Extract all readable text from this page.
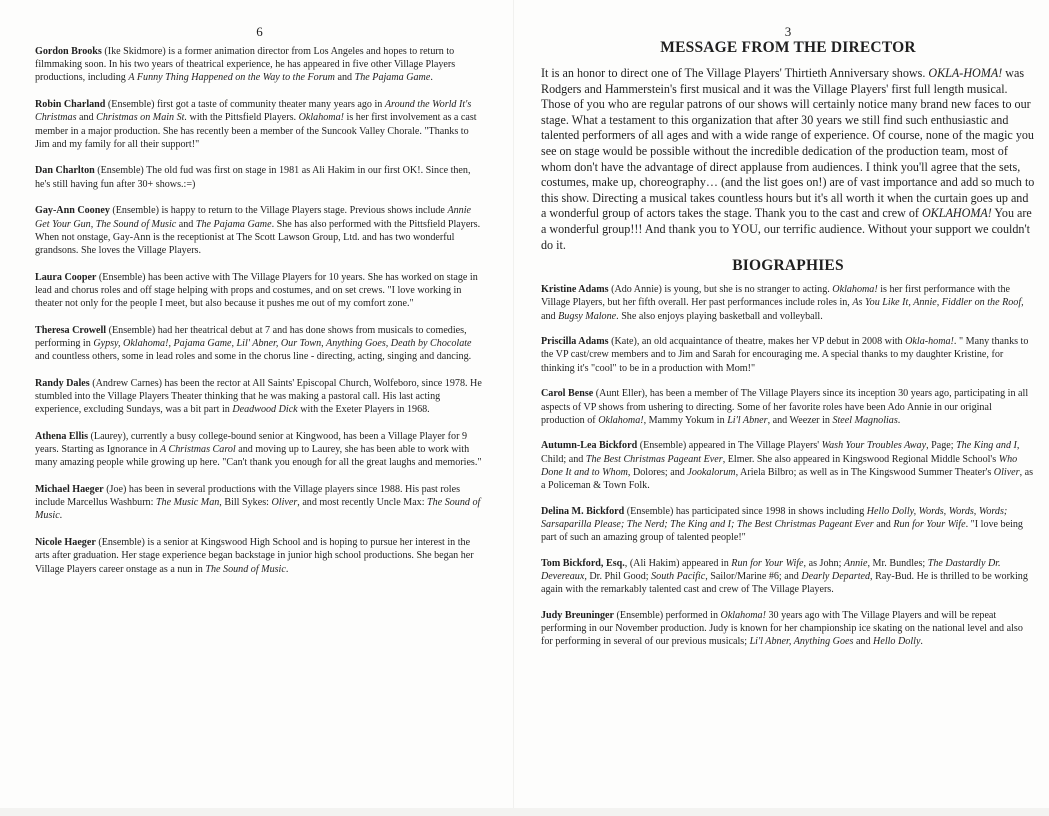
6

Gordon Brooks (Ike Skidmore) is a former animation director from Los Angeles and hopes to return to filmmaking soon. In his two years of theatrical experience, he has appeared in five other Village Players productions, including A Funny Thing Happened on the Way to the Forum and The Pajama Game.

Robin Charland (Ensemble) first got a taste of community theater many years ago in Around the World It's Christmas and Christmas on Main St. with the Pittsfield Players. Oklahoma! is her first involvement as a cast member in a major production. She has recently been a member of the Suncook Valley Chorale. "Thanks to Jim and my family for all their support!"

Dan Charlton (Ensemble) The old fud was first on stage in 1981 as Ali Hakim in our first OK!. Since then, he's still having fun after 30+ shows.:=)

Gay-Ann Cooney (Ensemble) is happy to return to the Village Players stage. Previous shows include Annie Get Your Gun, The Sound of Music and The Pajama Game. She has also performed with the Pittsfield Players. When not onstage, Gay-Ann is the receptionist at The Scott Lawson Group, Ltd. and has two wonderful grandsons. She loves the Village Players.

Laura Cooper (Ensemble) has been active with The Village Players for 10 years. She has worked on stage in lead and chorus roles and off stage helping with props and costumes, and on set crews. "I love working in theater not only for the people I meet, but also because it pushes me out of my comfort zone."

Theresa Crowell (Ensemble) had her theatrical debut at 7 and has done shows from musicals to comedies, performing in Gypsy, Oklahoma!, Pajama Game, Lil' Abner, Our Town, Anything Goes, Death by Chocolate and countless others, some in lead roles and some in the chorus line - directing, acting, singing and dancing.

Randy Dales (Andrew Carnes) has been the rector at All Saints' Episcopal Church, Wolfeboro, since 1978. He stumbled into the Village Players Theater thinking that he was making a pastoral call. His last acting experience, excluding Sundays, was a bit part in Deadwood Dick with the Exeter Players in 1968.

Athena Ellis (Laurey), currently a busy college-bound senior at Kingwood, has been a Village Player for 9 years. Starting as Ignorance in A Christmas Carol and moving up to Laurey, she has been able to work with many amazing people while growing up here. "Can't thank you enough for all the great laughs and memories."

Michael Haeger (Joe) has been in several productions with the Village players since 1988. His past roles include Marcellus Washburn: The Music Man, Bill Sykes: Oliver, and most recently Uncle Max: The Sound of Music.

Nicole Haeger (Ensemble) is a senior at Kingswood High School and is hoping to pursue her interest in the arts after graduation. Her stage experience began backstage in junior high school productions. She began her Village Players career onstage as a nun in The Sound of Music.

3
MESSAGE FROM THE DIRECTOR

It is an honor to direct one of The Village Players' Thirtieth Anniversary shows. OKLA-HOMA! was Rodgers and Hammerstein's first musical and it was the Village Players' first full length musical. Those of you who are regular patrons of our shows will certainly notice many brand new faces to our stage. What a testament to this organization that after 30 years we still find such enthusiastic and talented performers of all ages and with a wide range of experience. Of course, none of the magic you see on stage would be possible without the incredible dedication of the production team, most of whom don't have the advantage of direct applause from audiences. I think you'll agree that the sets, costumes, make up, choreography… (and the list goes on!) are of vast importance and add so much to this show. Directing a musical takes countless hours but it's all worth it when the curtain goes up and a wonderful group of actors takes the stage. Thank you to the cast and crew of OKLAHOMA! You are a wonderful group!!! And thank you to YOU, our terrific audience. Without your support we couldn't do it.

BIOGRAPHIES

Kristine Adams (Ado Annie) is young, but she is no stranger to acting. Oklahoma! is her first performance with the Village Players, but her fifth overall. Her past performances include roles in, As You Like It, Annie, Fiddler on the Roof, and Bugsy Malone. She also enjoys playing basketball and volleyball.

Priscilla Adams (Kate), an old acquaintance of theatre, makes her VP debut in 2008 with Okla-homa!. " Many thanks to the VP cast/crew members and to Jim and Sarah for encouraging me. A special thanks to my daughter Kristine, for thinking it's "cool" to be in a production with Mom!"

Carol Bense (Aunt Eller), has been a member of The Village Players since its inception 30 years ago, participating in all aspects of VP shows from ushering to directing. Some of her favorite roles have been Ado Annie in our original production of Oklahoma!, Mammy Yokum in Li'l Abner, and Weezer in Steel Magnolias.

Autumn-Lea Bickford (Ensemble) appeared in The Village Players' Wash Your Troubles Away, Page; The King and I, Child; and The Best Christmas Pageant Ever, Elmer. She also appeared in Kingswood Regional Middle School's Who Done It and to Whom, Dolores; and Jookalorum, Ariela Bilbro; as well as in The Kingswood Summer Theater's Oliver, as a Policeman & Town Folk.

Delina M. Bickford (Ensemble) has participated since 1998 in shows including Hello Dolly, Words, Words, Words; Sarsaparilla Please; The Nerd; The King and I; The Best Christmas Pageant Ever and Run for Your Wife. "I love being part of such an amazing group of talented people!"

Tom Bickford, Esq., (Ali Hakim) appeared in Run for Your Wife, as John; Annie, Mr. Bundles; The Dastardly Dr. Devereaux, Dr. Phil Good; South Pacific, Sailor/Marine #6; and Dearly Departed, Ray-Bud. He is thrilled to be working again with the remarkably talented cast and crew of The Village Players.

Judy Breuninger (Ensemble) performed in Oklahoma! 30 years ago with The Village Players and will be repeat performing in our November production. Judy is known for her championship ice skating on the national level and also for performing in several of our previous musicals; Li'l Abner, Anything Goes and Hello Dolly.
